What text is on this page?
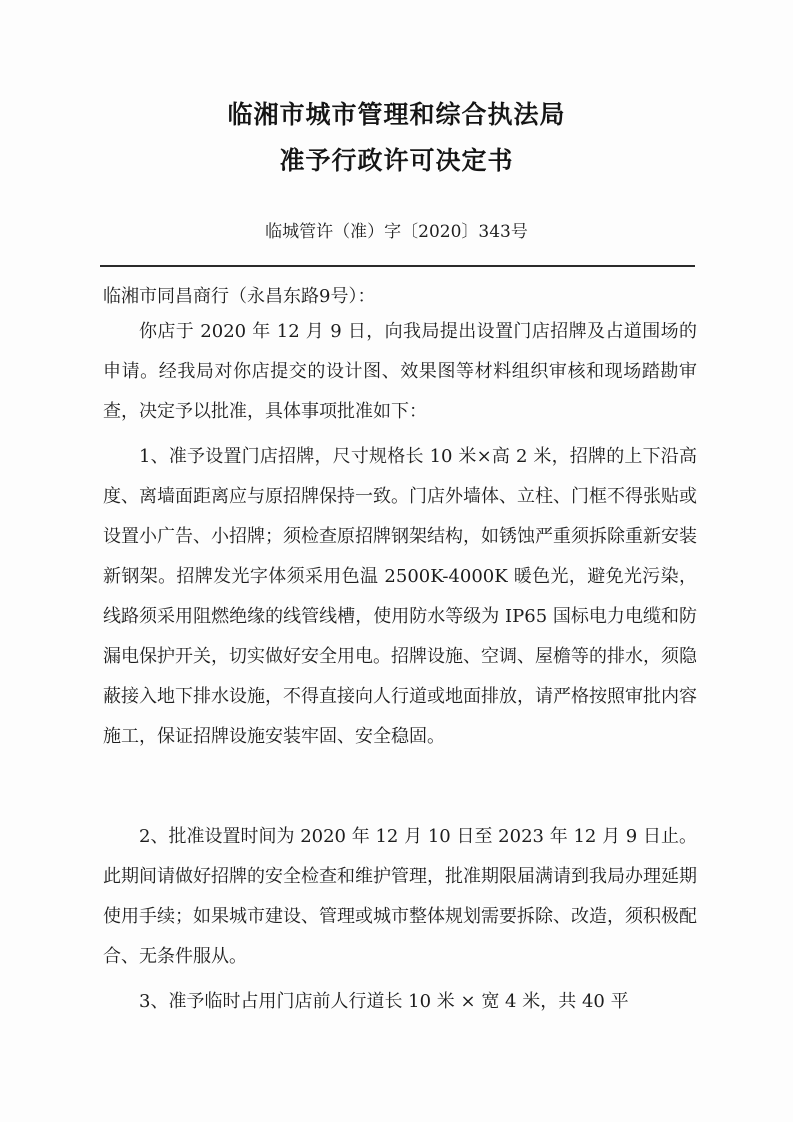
临湘市城市管理和综合执法局
准予行政许可决定书
临城管许（准）字〔2020〕343号
临湘市同昌商行（永昌东路9号）：

你店于 2020 年 12 月 9 日，向我局提出设置门店招牌及占道围场的申请。经我局对你店提交的设计图、效果图等材料组织审核和现场踏勘审查，决定予以批准，具体事项批准如下：

1、准予设置门店招牌，尺寸规格长 10 米×高 2 米，招牌的上下沿高度、离墙面距离应与原招牌保持一致。门店外墙体、立柱、门框不得张贴或设置小广告、小招牌；须检查原招牌钢架结构，如锈蚀严重须拆除重新安装新钢架。招牌发光字体须采用色温 2500K-4000K 暖色光，避免光污染，线路须采用阻燃绝缘的线管线槽，使用防水等级为 IP65 国标电力电缆和防漏电保护开关，切实做好安全用电。招牌设施、空调、屋檐等的排水，须隐蔽接入地下排水设施，不得直接向人行道或地面排放，请严格按照审批内容施工，保证招牌设施安装牢固、安全稳固。

2、批准设置时间为 2020 年 12 月 10 日至 2023 年 12 月 9 日止。此期间请做好招牌的安全检查和维护管理，批准期限届满请到我局办理延期使用手续；如果城市建设、管理或城市整体规划需要拆除、改造，须积极配合、无条件服从。

3、准予临时占用门店前人行道长 10 米 × 宽 4 米，共 40 平
